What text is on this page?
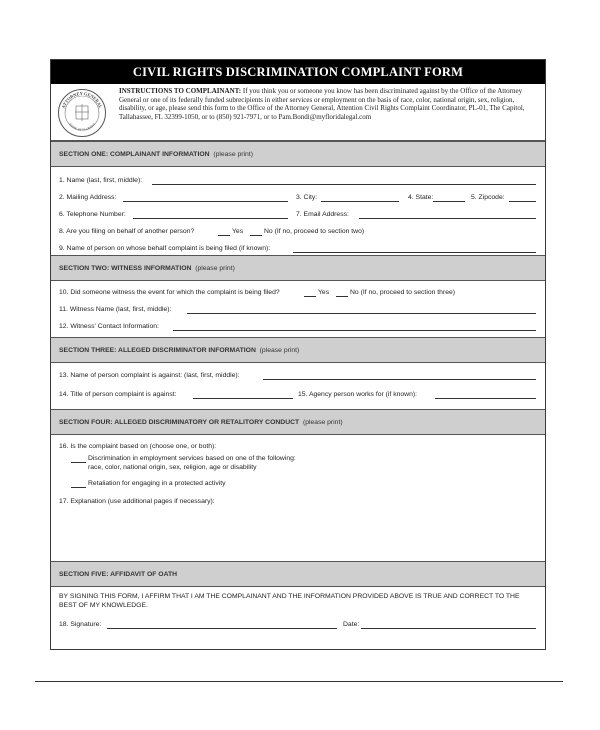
CIVIL RIGHTS DISCRIMINATION COMPLAINT FORM
ATTORNEY GENERAL
STATE OF FLORIDA
INSTRUCTIONS TO COMPLAINANT: If you think you or someone you know has been discriminated against by the Office of the Attorney General or one of its federally funded subrecipients in either services or employment on the basis of race, color, national origin, sex, religion, disability, or age, please send this form to the Office of the Attorney General, Attention Civil Rights Complaint Coordinator, PL-01, The Capitol, Tallahassee, FL 32399-1050, or to (850) 921-7971, or to Pam.Bondi@myfloridalegal.com
SECTION ONE: COMPLAINANT INFORMATION (please print)
1. Name (last, first, middle):
2. Mailing Address:	3. City:	4. State:	5. Zipcode:
6. Telephone Number:	7. Email Address:
8. Are you filing on behalf of another person?	Yes	No (If no, proceed to section two)
9. Name of person on whose behalf complaint is being filed (if known):
SECTION TWO: WITNESS INFORMATION (please print)
10. Did someone witness the event for which the complaint is being filed?	Yes	No (If no, proceed to section three)
11. Witness Name (last, first, middle):
12. Witness' Contact Information:
SECTION THREE: ALLEGED DISCRIMINATOR INFORMATION (please print)
13. Name of person complaint is against: (last, first, middle):
14. Title of person complaint is against:	15. Agency person works for (if known):
SECTION FOUR: ALLEGED DISCRIMINATORY OR RETALITORY CONDUCT (please print)
16. Is the complaint based on (choose one, or both):
Discrimination in employment services based on one of the following:
race, color, national origin, sex, religion, age or disability
Retaliation for engaging in a protected activity
17. Explanation (use additional pages if necessary):
SECTION FIVE: AFFIDAVIT OF OATH
BY SIGNING THIS FORM, I AFFIRM THAT I AM THE COMPLAINANT AND THE INFORMATION PROVIDED ABOVE IS TRUE AND CORRECT TO THE BEST OF MY KNOWLEDGE.
18. Signature:	Date:
